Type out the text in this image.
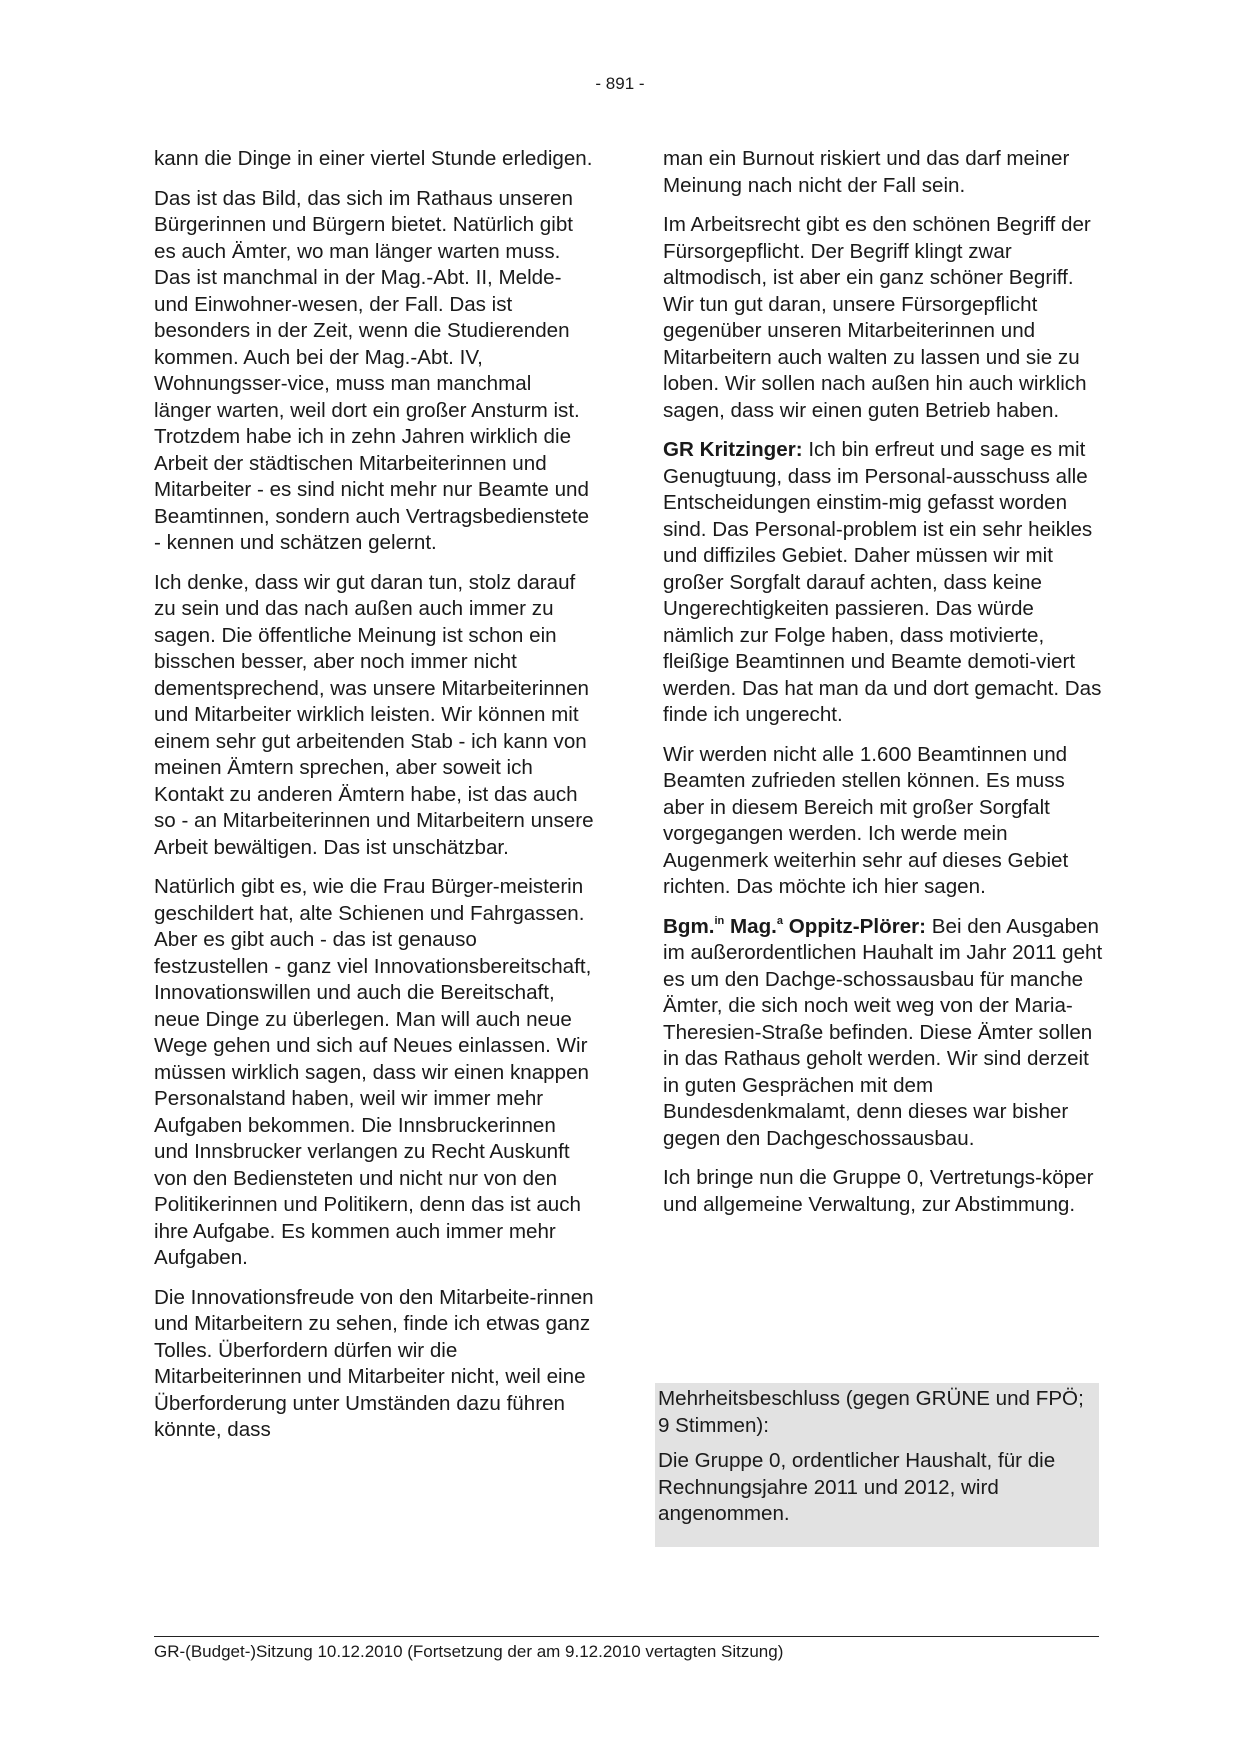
- 891 -

kann die Dinge in einer viertel Stunde erledigen.

Das ist das Bild, das sich im Rathaus unseren Bürgerinnen und Bürgern bietet. Natürlich gibt es auch Ämter, wo man länger warten muss. Das ist manchmal in der Mag.-Abt. II, Melde- und Einwohner-wesen, der Fall. Das ist besonders in der Zeit, wenn die Studierenden kommen. Auch bei der Mag.-Abt. IV, Wohnungsser-vice, muss man manchmal länger warten, weil dort ein großer Ansturm ist. Trotzdem habe ich in zehn Jahren wirklich die Arbeit der städtischen Mitarbeiterinnen und Mitarbeiter - es sind nicht mehr nur Beamte und Beamtinnen, sondern auch Vertragsbedienstete - kennen und schätzen gelernt.

Ich denke, dass wir gut daran tun, stolz darauf zu sein und das nach außen auch immer zu sagen. Die öffentliche Meinung ist schon ein bisschen besser, aber noch immer nicht dementsprechend, was unsere Mitarbeiterinnen und Mitarbeiter wirklich leisten. Wir können mit einem sehr gut arbeitenden Stab - ich kann von meinen Ämtern sprechen, aber soweit ich Kontakt zu anderen Ämtern habe, ist das auch so - an Mitarbeiterinnen und Mitarbeitern unsere Arbeit bewältigen. Das ist unschätzbar.

Natürlich gibt es, wie die Frau Bürger-meisterin geschildert hat, alte Schienen und Fahrgassen. Aber es gibt auch - das ist genauso festzustellen - ganz viel Innovationsbereitschaft, Innovationswillen und auch die Bereitschaft, neue Dinge zu überlegen. Man will auch neue Wege gehen und sich auf Neues einlassen. Wir müssen wirklich sagen, dass wir einen knappen Personalstand haben, weil wir immer mehr Aufgaben bekommen. Die Innsbruckerinnen und Innsbrucker verlangen zu Recht Auskunft von den Bediensteten und nicht nur von den Politikerinnen und Politikern, denn das ist auch ihre Aufgabe. Es kommen auch immer mehr Aufgaben.

Die Innovationsfreude von den Mitarbeite-rinnen und Mitarbeitern zu sehen, finde ich etwas ganz Tolles. Überfordern dürfen wir die Mitarbeiterinnen und Mitarbeiter nicht, weil eine Überforderung unter Umständen dazu führen könnte, dass

man ein Burnout riskiert und das darf meiner Meinung nach nicht der Fall sein.

Im Arbeitsrecht gibt es den schönen Begriff der Fürsorgepflicht. Der Begriff klingt zwar altmodisch, ist aber ein ganz schöner Begriff. Wir tun gut daran, unsere Fürsorgepflicht gegenüber unseren Mitarbeiterinnen und Mitarbeitern auch walten zu lassen und sie zu loben. Wir sollen nach außen hin auch wirklich sagen, dass wir einen guten Betrieb haben.

GR Kritzinger: Ich bin erfreut und sage es mit Genugtuung, dass im Personal-ausschuss alle Entscheidungen einstim-mig gefasst worden sind. Das Personal-problem ist ein sehr heikles und diffiziles Gebiet. Daher müssen wir mit großer Sorgfalt darauf achten, dass keine Ungerechtigkeiten passieren. Das würde nämlich zur Folge haben, dass motivierte, fleißige Beamtinnen und Beamte demoti-viert werden. Das hat man da und dort gemacht. Das finde ich ungerecht.

Wir werden nicht alle 1.600 Beamtinnen und Beamten zufrieden stellen können. Es muss aber in diesem Bereich mit großer Sorgfalt vorgegangen werden. Ich werde mein Augenmerk weiterhin sehr auf dieses Gebiet richten. Das möchte ich hier sagen.

Bgm.$^{in}$ Mag.$^a$ Oppitz-Plörer: Bei den Ausgaben im außerordentlichen Hauhalt im Jahr 2011 geht es um den Dachge-schossausbau für manche Ämter, die sich noch weit weg von der Maria-Theresien-Straße befinden. Diese Ämter sollen in das Rathaus geholt werden. Wir sind derzeit in guten Gesprächen mit dem Bundesdenkmalamt, denn dieses war bisher gegen den Dachgeschossausbau.

Ich bringe nun die Gruppe 0, Vertretungs-köper und allgemeine Verwaltung, zur Abstimmung.

Mehrheitsbeschluss (gegen GRÜNE und FPÖ; 9 Stimmen):

Die Gruppe 0, ordentlicher Haushalt, für die Rechnungsjahre 2011 und 2012, wird angenommen.

GR-(Budget-)Sitzung 10.12.2010 (Fortsetzung der am 9.12.2010 vertagten Sitzung)
